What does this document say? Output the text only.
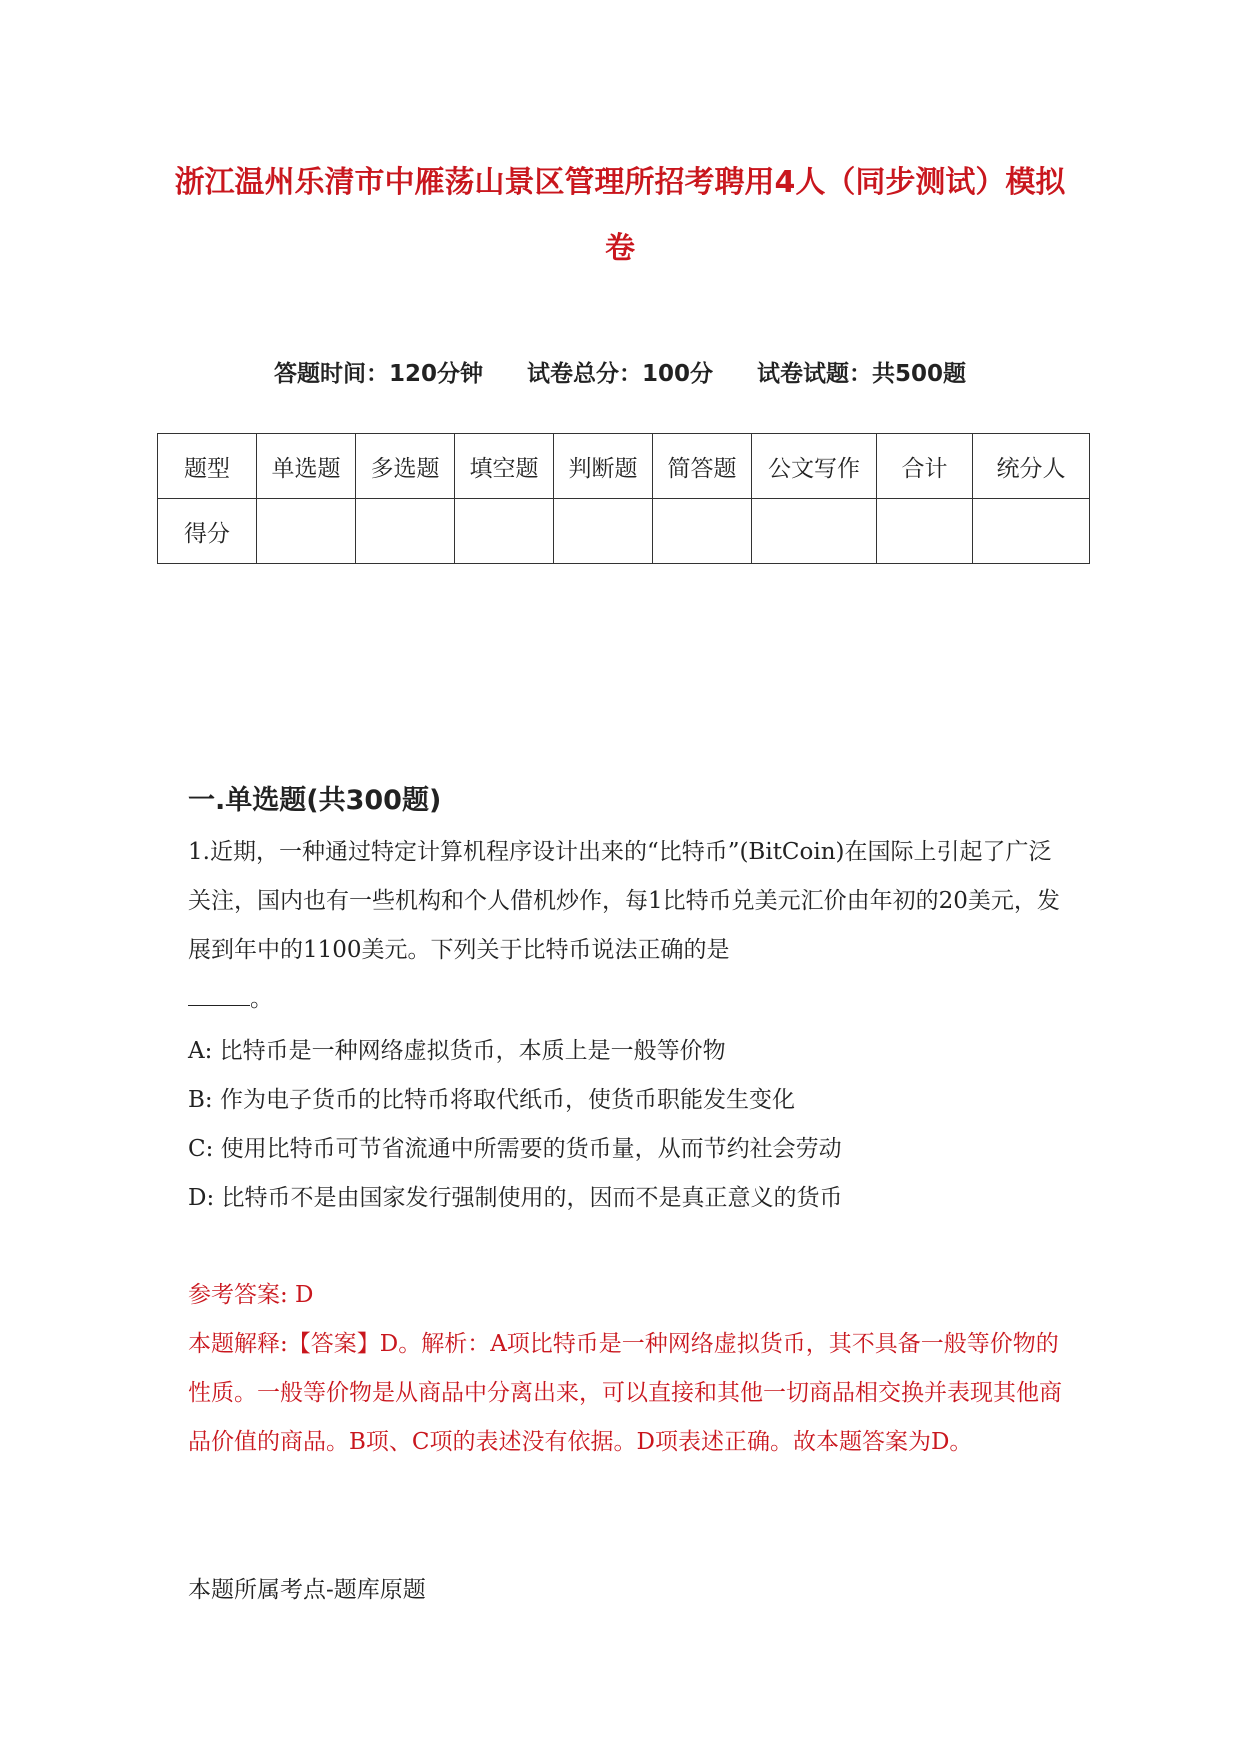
浙江温州乐清市中雁荡山景区管理所招考聘用4人（同步测试）模拟卷
答题时间：120分钟 试卷总分：100分 试卷试题：共500题
题型	单选题	多选题	填空题	判断题	简答题	公文写作	合计	统分人
得分								
一.单选题(共300题)

1.近期，一种通过特定计算机程序设计出来的“比特币”(BitCoin)在国际上引起了广泛关注，国内也有一些机构和个人借机炒作，每1比特币兑美元汇价由年初的20美元，发展到年中的1100美元。下列关于比特币说法正确的是

。

A: 比特币是一种网络虚拟货币，本质上是一般等价物
B: 作为电子货币的比特币将取代纸币，使货币职能发生变化
C: 使用比特币可节省流通中所需要的货币量，从而节约社会劳动
D: 比特币不是由国家发行强制使用的，因而不是真正意义的货币

参考答案: D

本题解释:【答案】D。解析：A项比特币是一种网络虚拟货币，其不具备一般等价物的性质。一般等价物是从商品中分离出来，可以直接和其他一切商品相交换并表现其他商品价值的商品。B项、C项的表述没有依据。D项表述正确。故本题答案为D。

本题所属考点-题库原题
